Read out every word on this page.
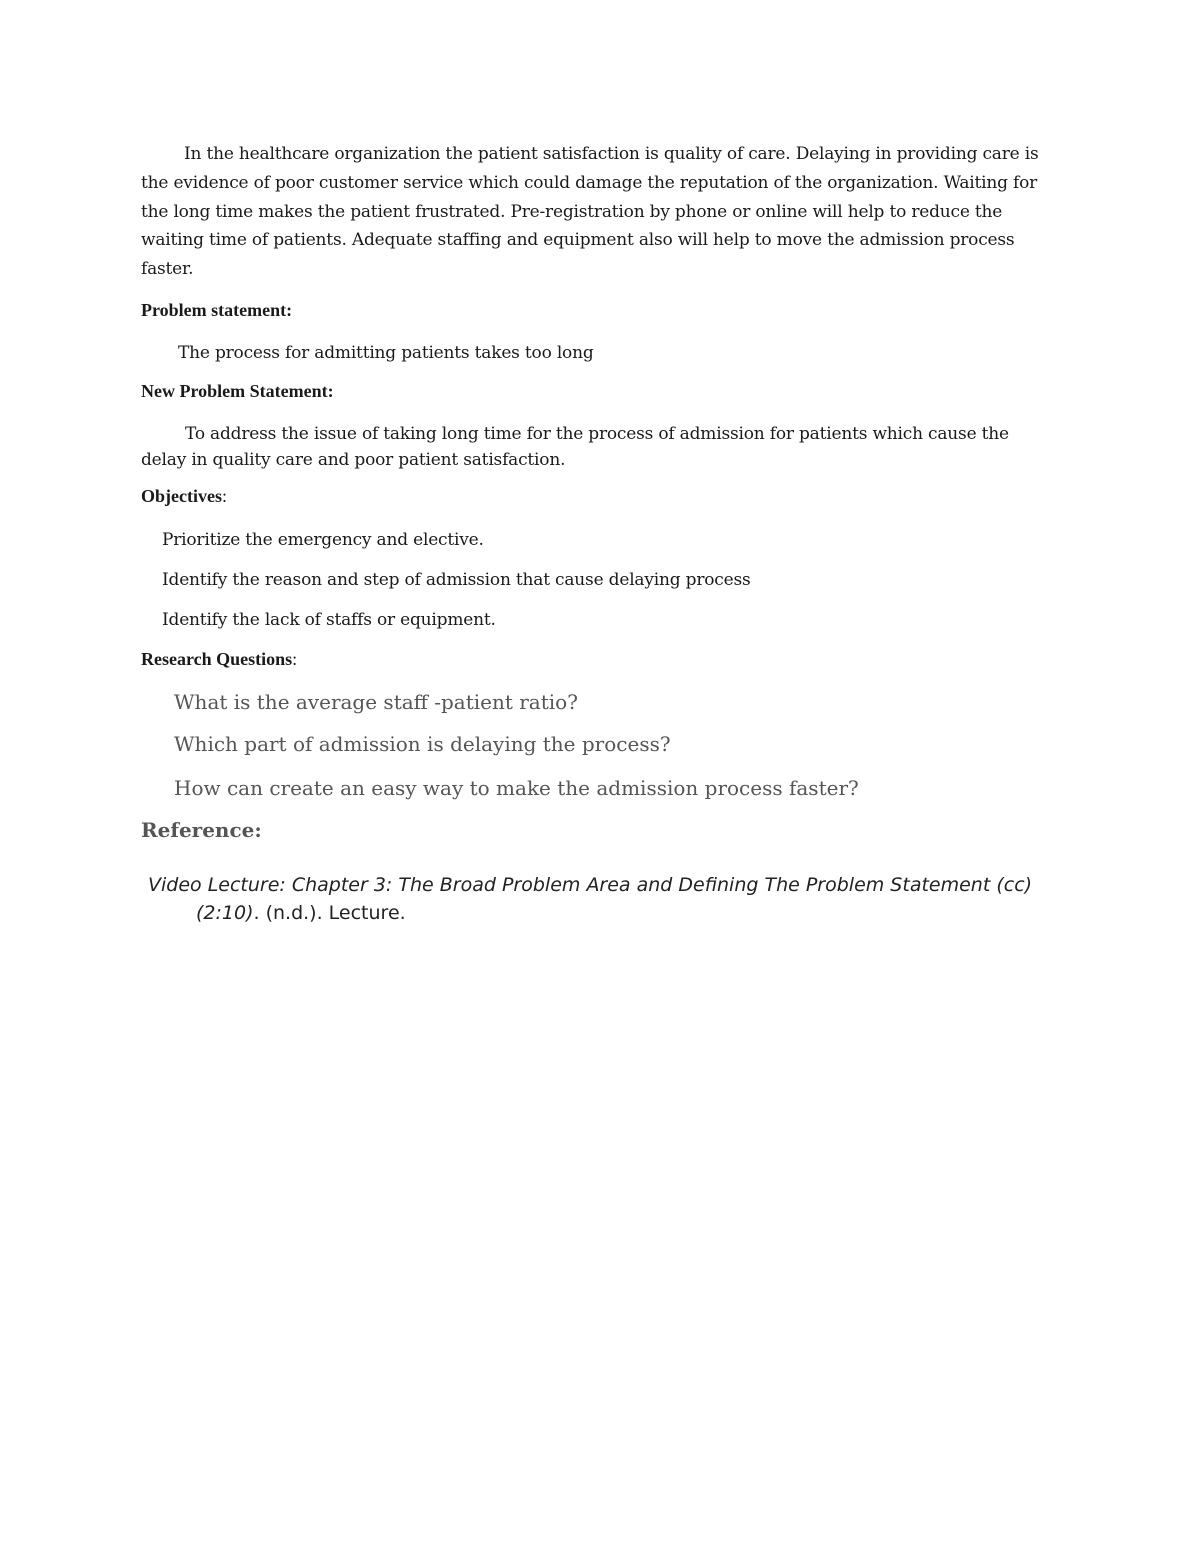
In the healthcare organization the patient satisfaction is quality of care. Delaying in providing care is

the evidence of poor customer service which could damage the reputation of the organization. Waiting for

the long time makes the patient frustrated. Pre-registration by phone or online will help to reduce the

waiting time of patients. Adequate staffing and equipment also will help to move the admission process

faster.

Problem statement:

The process for admitting patients takes too long

New Problem Statement:

To address the issue of taking long time for the process of admission for patients which cause the

delay in quality care and poor patient satisfaction.

Objectives:

Prioritize the emergency and elective.

Identify the reason and step of admission that cause delaying process

Identify the lack of staffs or equipment.

Research Questions:

What is the average staff -patient ratio?

Which part of admission is delaying the process?

How can create an easy way to make the admission process faster?

Reference:

Video Lecture: Chapter 3: The Broad Problem Area and Defining The Problem Statement (cc)

(2:10). (n.d.). Lecture.
